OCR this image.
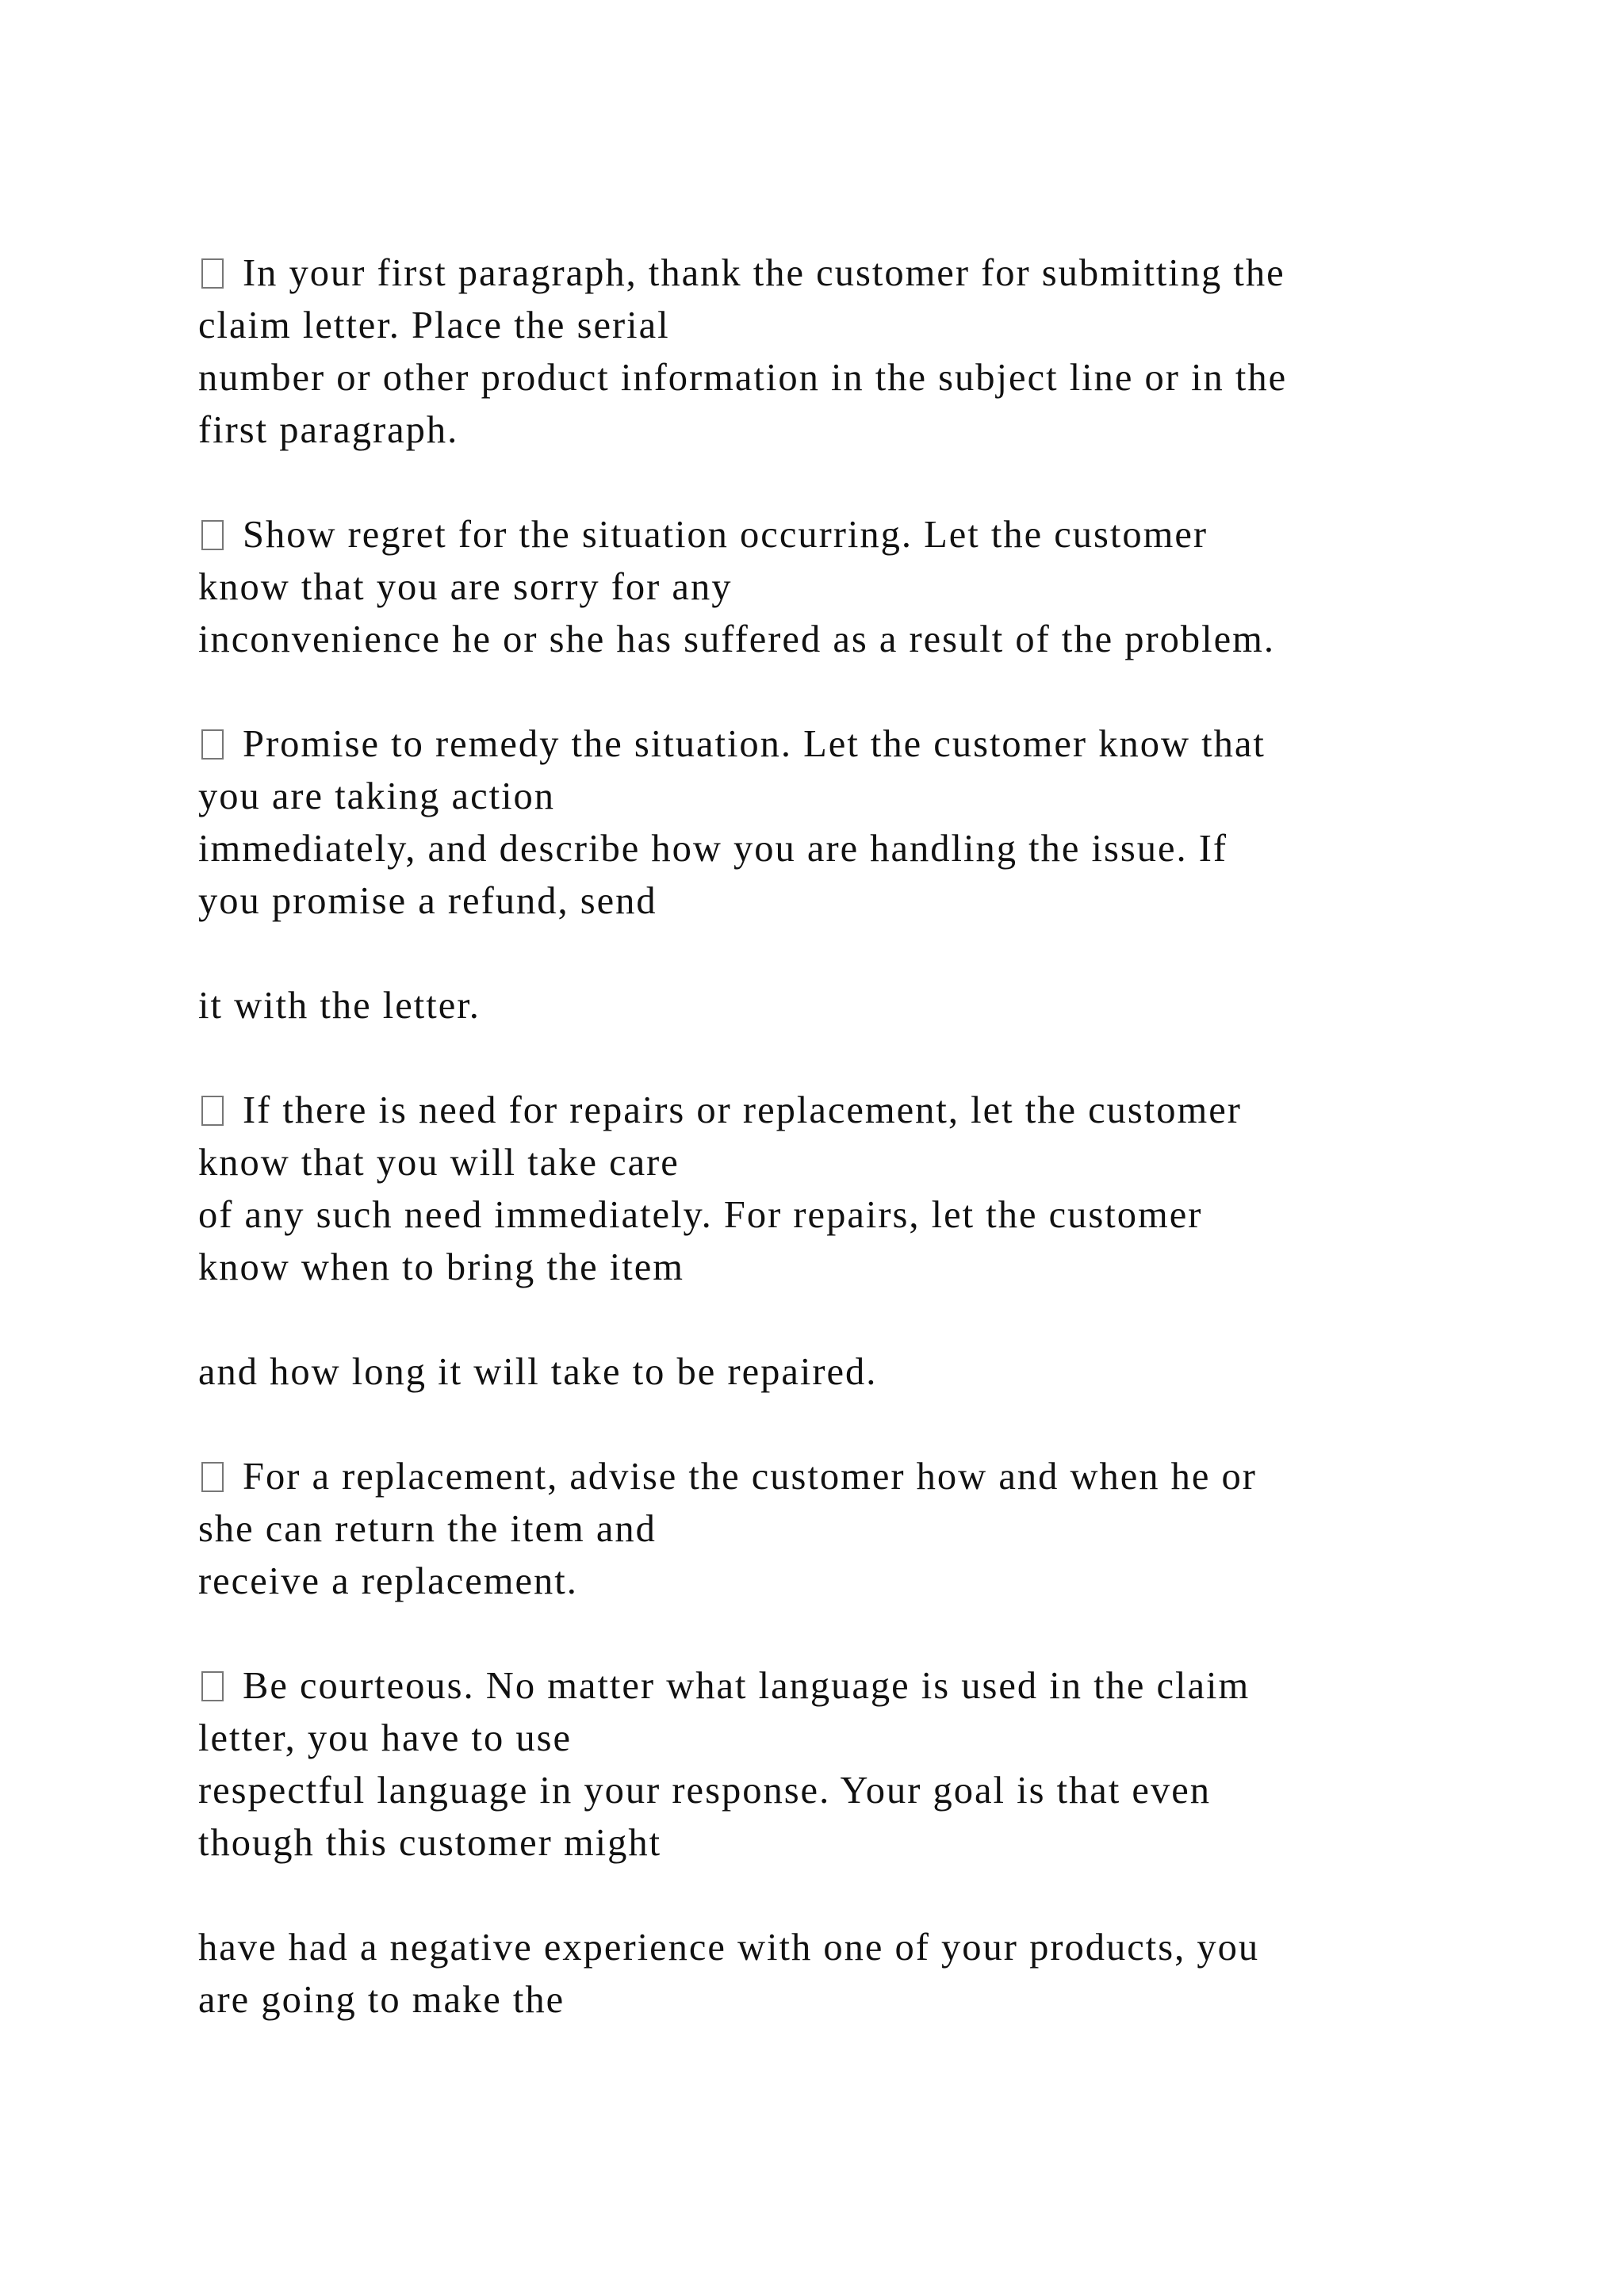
In your first paragraph, thank the customer for submitting the
claim letter. Place the serial
number or other product information in the subject line or in the
first paragraph.
Show regret for the situation occurring. Let the customer
know that you are sorry for any
inconvenience he or she has suffered as a result of the problem.
Promise to remedy the situation. Let the customer know that
you are taking action
immediately, and describe how you are handling the issue. If
you promise a refund, send
it with the letter.
If there is need for repairs or replacement, let the customer
know that you will take care
of any such need immediately. For repairs, let the customer
know when to bring the item
and how long it will take to be repaired.
For a replacement, advise the customer how and when he or
she can return the item and
receive a replacement.
Be courteous. No matter what language is used in the claim
letter, you have to use
respectful language in your response. Your goal is that even
though this customer might
have had a negative experience with one of your products, you
are going to make the
